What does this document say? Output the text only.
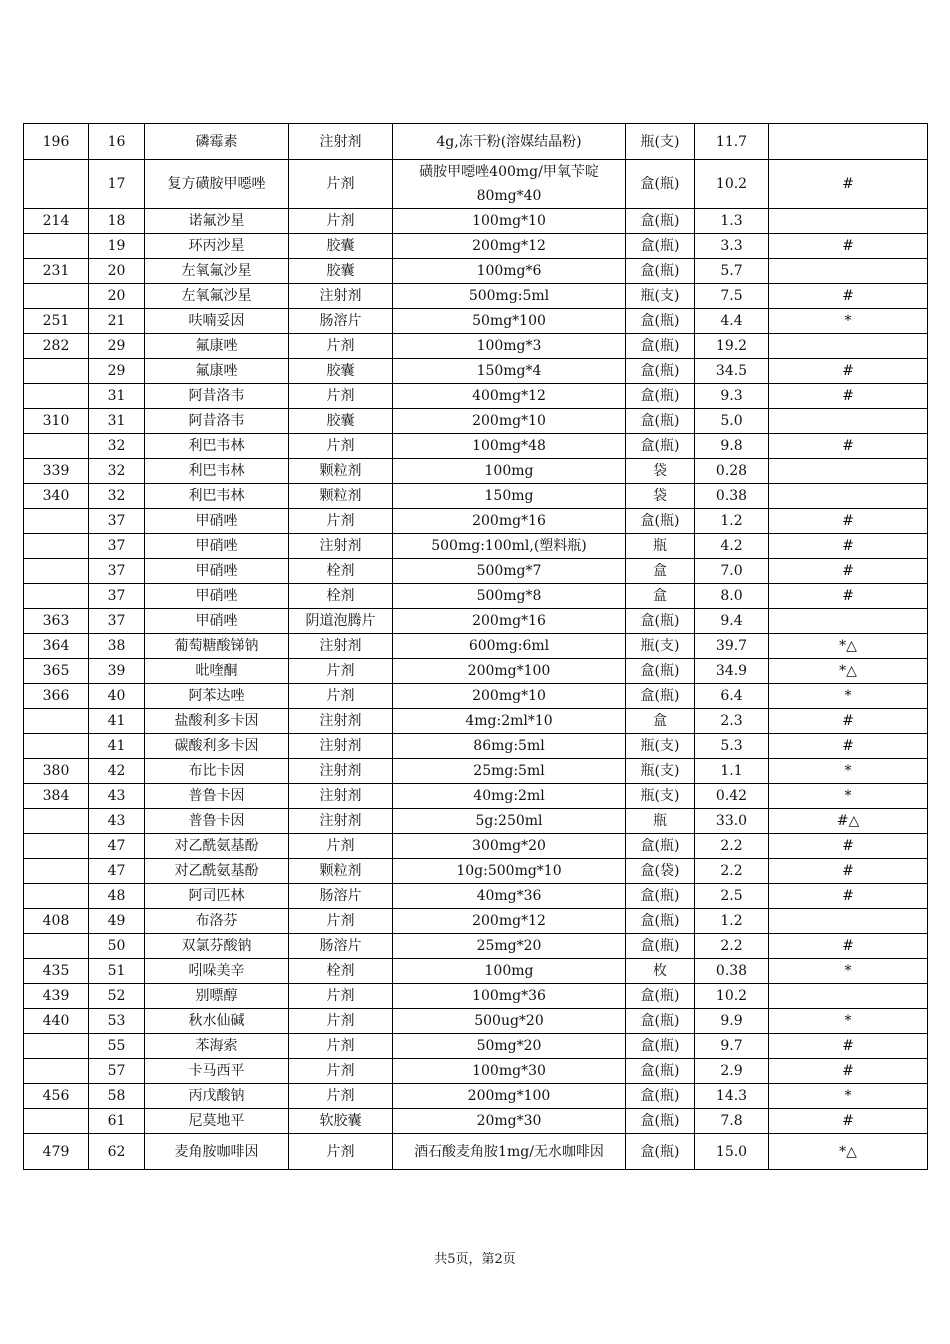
196	16	磷霉素	注射剂	4g,冻干粉(溶媒结晶粉)	瓶(支)	11.7	
	17	复方磺胺甲噁唑	片剂	磺胺甲噁唑400mg/甲氧苄啶80mg*40	盒(瓶)	10.2	#
214	18	诺氟沙星	片剂	100mg*10	盒(瓶)	1.3	
	19	环丙沙星	胶囊	200mg*12	盒(瓶)	3.3	#
231	20	左氧氟沙星	胶囊	100mg*6	盒(瓶)	5.7	
	20	左氧氟沙星	注射剂	500mg:5ml	瓶(支)	7.5	#
251	21	呋喃妥因	肠溶片	50mg*100	盒(瓶)	4.4	*
282	29	氟康唑	片剂	100mg*3	盒(瓶)	19.2	
	29	氟康唑	胶囊	150mg*4	盒(瓶)	34.5	#
	31	阿昔洛韦	片剂	400mg*12	盒(瓶)	9.3	#
310	31	阿昔洛韦	胶囊	200mg*10	盒(瓶)	5.0	
	32	利巴韦林	片剂	100mg*48	盒(瓶)	9.8	#
339	32	利巴韦林	颗粒剂	100mg	袋	0.28	
340	32	利巴韦林	颗粒剂	150mg	袋	0.38	
	37	甲硝唑	片剂	200mg*16	盒(瓶)	1.2	#
	37	甲硝唑	注射剂	500mg:100ml,(塑料瓶)	瓶	4.2	#
	37	甲硝唑	栓剂	500mg*7	盒	7.0	#
	37	甲硝唑	栓剂	500mg*8	盒	8.0	#
363	37	甲硝唑	阴道泡腾片	200mg*16	盒(瓶)	9.4	
364	38	葡萄糖酸锑钠	注射剂	600mg:6ml	瓶(支)	39.7	*△
365	39	吡喹酮	片剂	200mg*100	盒(瓶)	34.9	*△
366	40	阿苯达唑	片剂	200mg*10	盒(瓶)	6.4	*
	41	盐酸利多卡因	注射剂	4mg:2ml*10	盒	2.3	#
	41	碳酸利多卡因	注射剂	86mg:5ml	瓶(支)	5.3	#
380	42	布比卡因	注射剂	25mg:5ml	瓶(支)	1.1	*
384	43	普鲁卡因	注射剂	40mg:2ml	瓶(支)	0.42	*
	43	普鲁卡因	注射剂	5g:250ml	瓶	33.0	#△
	47	对乙酰氨基酚	片剂	300mg*20	盒(瓶)	2.2	#
	47	对乙酰氨基酚	颗粒剂	10g:500mg*10	盒(袋)	2.2	#
	48	阿司匹林	肠溶片	40mg*36	盒(瓶)	2.5	#
408	49	布洛芬	片剂	200mg*12	盒(瓶)	1.2	
	50	双氯芬酸钠	肠溶片	25mg*20	盒(瓶)	2.2	#
435	51	吲哚美辛	栓剂	100mg	枚	0.38	*
439	52	别嘌醇	片剂	100mg*36	盒(瓶)	10.2	
440	53	秋水仙碱	片剂	500ug*20	盒(瓶)	9.9	*
	55	苯海索	片剂	50mg*20	盒(瓶)	9.7	#
	57	卡马西平	片剂	100mg*30	盒(瓶)	2.9	#
456	58	丙戊酸钠	片剂	200mg*100	盒(瓶)	14.3	*
	61	尼莫地平	软胶囊	20mg*30	盒(瓶)	7.8	#
479	62	麦角胺咖啡因	片剂	酒石酸麦角胺1mg/无水咖啡因	盒(瓶)	15.0	*△
共5页，第2页
